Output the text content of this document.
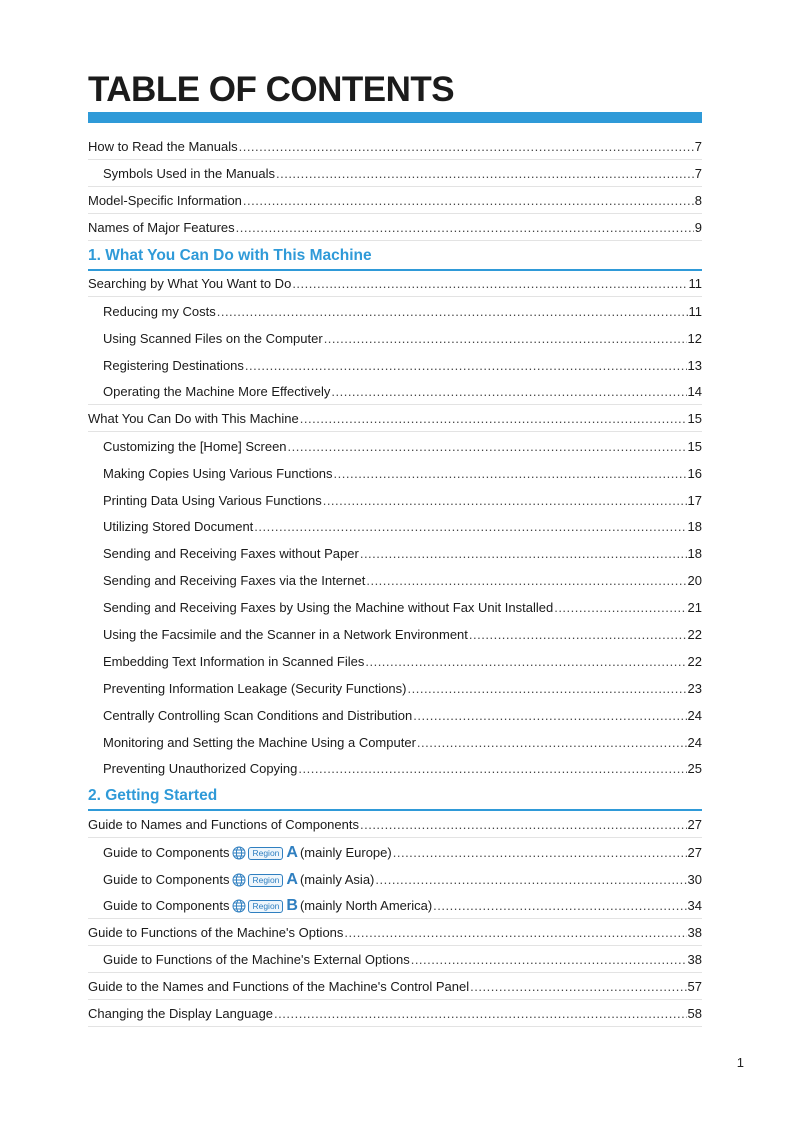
TABLE OF CONTENTS
How to Read the Manuals .....	7
Symbols Used in the Manuals .....	7
Model-Specific Information .....	8
Names of Major Features .....	9
1. What You Can Do with This Machine
Searching by What You Want to Do .....	11
Reducing my Costs .....	11
Using Scanned Files on the Computer .....	12
Registering Destinations .....	13
Operating the Machine More Effectively .....	14
What You Can Do with This Machine .....	15
Customizing the [Home] Screen .....	15
Making Copies Using Various Functions .....	16
Printing Data Using Various Functions .....	17
Utilizing Stored Document .....	18
Sending and Receiving Faxes without Paper .....	18
Sending and Receiving Faxes via the Internet .....	20
Sending and Receiving Faxes by Using the Machine without Fax Unit Installed .....	21
Using the Facsimile and the Scanner in a Network Environment .....	22
Embedding Text Information in Scanned Files .....	22
Preventing Information Leakage (Security Functions) .....	23
Centrally Controlling Scan Conditions and Distribution .....	24
Monitoring and Setting the Machine Using a Computer .....	24
Preventing Unauthorized Copying .....	25
2. Getting Started
Guide to Names and Functions of Components .....	27
Guide to Components	Region A (mainly Europe) .....	27
Guide to Components	Region A (mainly Asia) .....	30
Guide to Components	Region B (mainly North America) .....	34
Guide to Functions of the Machine's Options .....	38
Guide to Functions of the Machine's External Options .....	38
Guide to the Names and Functions of the Machine's Control Panel .....	57
Changing the Display Language .....	58
1
